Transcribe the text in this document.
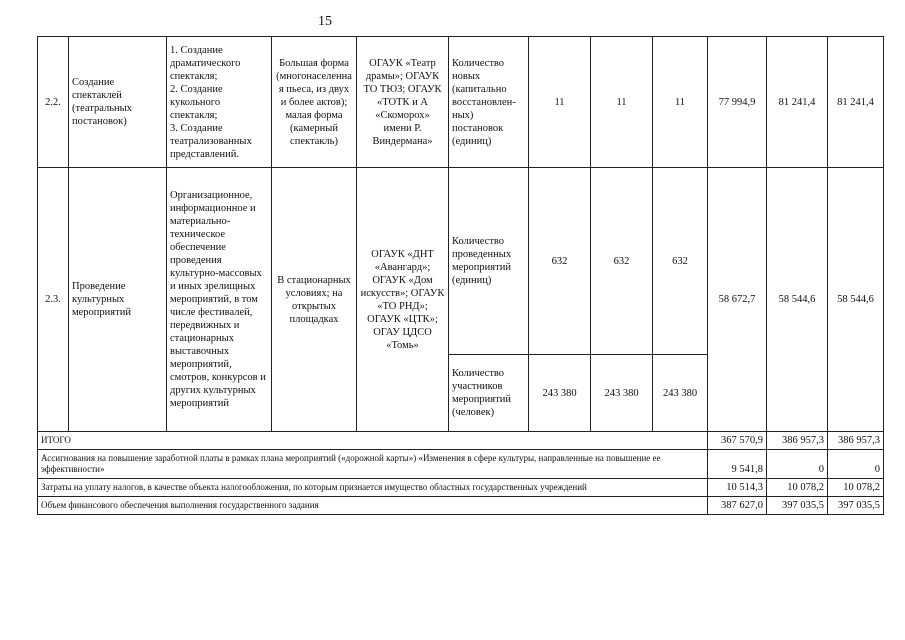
15
2.2.	Создание спектаклей (театральных постановок)	1. Создание драматического спектакля;
2. Создание кукольного спектакля;
3. Создание театрализованных представлений.	Большая форма (многонаселенная пьеса, из двух и более актов); малая форма (камерный спектакль)	ОГАУК «Театр драмы»; ОГАУК ТО ТЮЗ; ОГАУК «ТОТК и А «Скоморох» имени Р. Виндермана»	Количество новых (капитально восстановлен-ных) постановок (единиц)	11	11	11	77 994,9	81 241,4	81 241,4
2.3.	Проведение культурных мероприятий	Организационное, информационное и материально-техническое обеспечение проведения культурно-массовых и иных зрелищных мероприятий, в том числе фестивалей, передвижных и стационарных выставочных мероприятий, смотров, конкурсов и других культурных мероприятий	В стационарных условиях; на открытых площадках	ОГАУК «ДНТ «Авангард»; ОГАУК «Дом искусств»; ОГАУК «ТО РНД»; ОГАУК «ЦТК»; ОГАУ ЦДСО «Томь»	Количество проведенных мероприятий (единиц)	632	632	632	58 672,7	58 544,6	58 544,6
					Количество участников мероприятий (человек)	243 380	243 380	243 380			
ИТОГО									367 570,9	386 957,3	386 957,3
Ассигнования на повышение заработной платы в рамках плана мероприятий («дорожной карты») «Изменения в сфере культуры, направленные на повышение ее эффективности»									9 541,8	0	0
Затраты на уплату налогов, в качестве объекта налогообложения, по которым признается имущество областных государственных учреждений									10 514,3	10 078,2	10 078,2
Объем финансового обеспечения выполнения государственного задания									387 627,0	397 035,5	397 035,5
